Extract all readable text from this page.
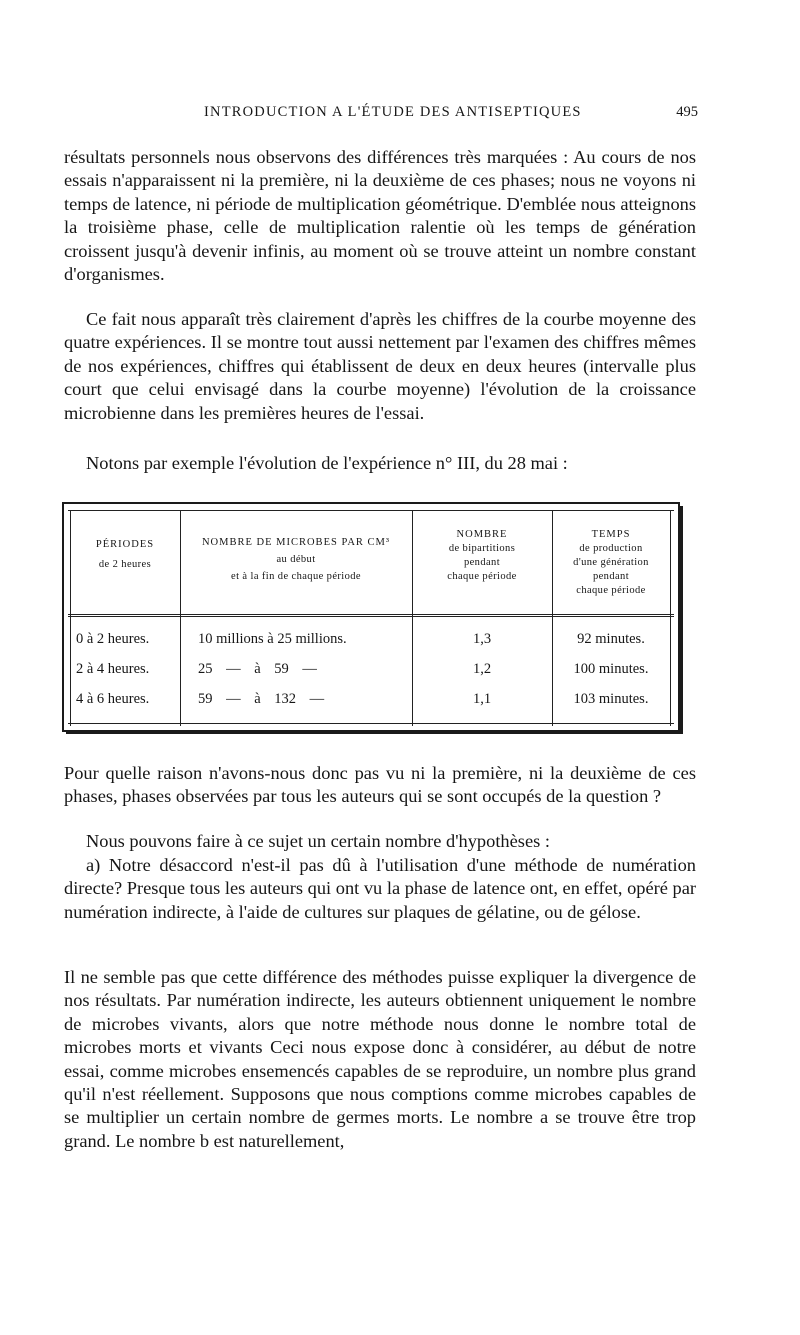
INTRODUCTION A L'ÉTUDE DES ANTISEPTIQUES	495

résultats personnels nous observons des différences très marquées : Au cours de nos essais n'apparaissent ni la première, ni la deuxième de ces phases; nous ne voyons ni temps de latence, ni période de multiplication géométrique. D'emblée nous atteignons la troisième phase, celle de multiplication ralentie où les temps de génération croissent jusqu'à devenir infinis, au moment où se trouve atteint un nombre constant d'organismes.

Ce fait nous apparaît très clairement d'après les chiffres de la courbe moyenne des quatre expériences. Il se montre tout aussi nettement par l'examen des chiffres mêmes de nos expériences, chiffres qui établissent de deux en deux heures (intervalle plus court que celui envisagé dans la courbe moyenne) l'évolution de la croissance microbienne dans les premières heures de l'essai.

Notons par exemple l'évolution de l'expérience n° III, du 28 mai :

PÉRIODES
de 2 heures
NOMBRE DE MICROBES PAR CM³
au début
et à la fin de chaque période
NOMBRE
de bipartitions
pendant
chaque période
TEMPS
de production
d'une génération
pendant
chaque période
0 à 2 heures.	10 millions à 25 millions.	1,3	92 minutes.
2 à 4 heures.	25 — à 59 —	1,2	100 minutes.
4 à 6 heures.	59 — à 132 —	1,1	103 minutes.

Pour quelle raison n'avons-nous donc pas vu ni la première, ni la deuxième de ces phases, phases observées par tous les auteurs qui se sont occupés de la question ?

Nous pouvons faire à ce sujet un certain nombre d'hypothèses :

a) Notre désaccord n'est-il pas dû à l'utilisation d'une méthode de numération directe? Presque tous les auteurs qui ont vu la phase de latence ont, en effet, opéré par numération indirecte, à l'aide de cultures sur plaques de gélatine, ou de gélose.

Il ne semble pas que cette différence des méthodes puisse expliquer la divergence de nos résultats. Par numération indirecte, les auteurs obtiennent uniquement le nombre de microbes vivants, alors que notre méthode nous donne le nombre total de microbes morts et vivants Ceci nous expose donc à considérer, au début de notre essai, comme microbes ensemencés capables de se reproduire, un nombre plus grand qu'il n'est réellement. Supposons que nous comptions comme microbes capables de se multiplier un certain nombre de germes morts. Le nombre a se trouve être trop grand. Le nombre b est naturellement,
